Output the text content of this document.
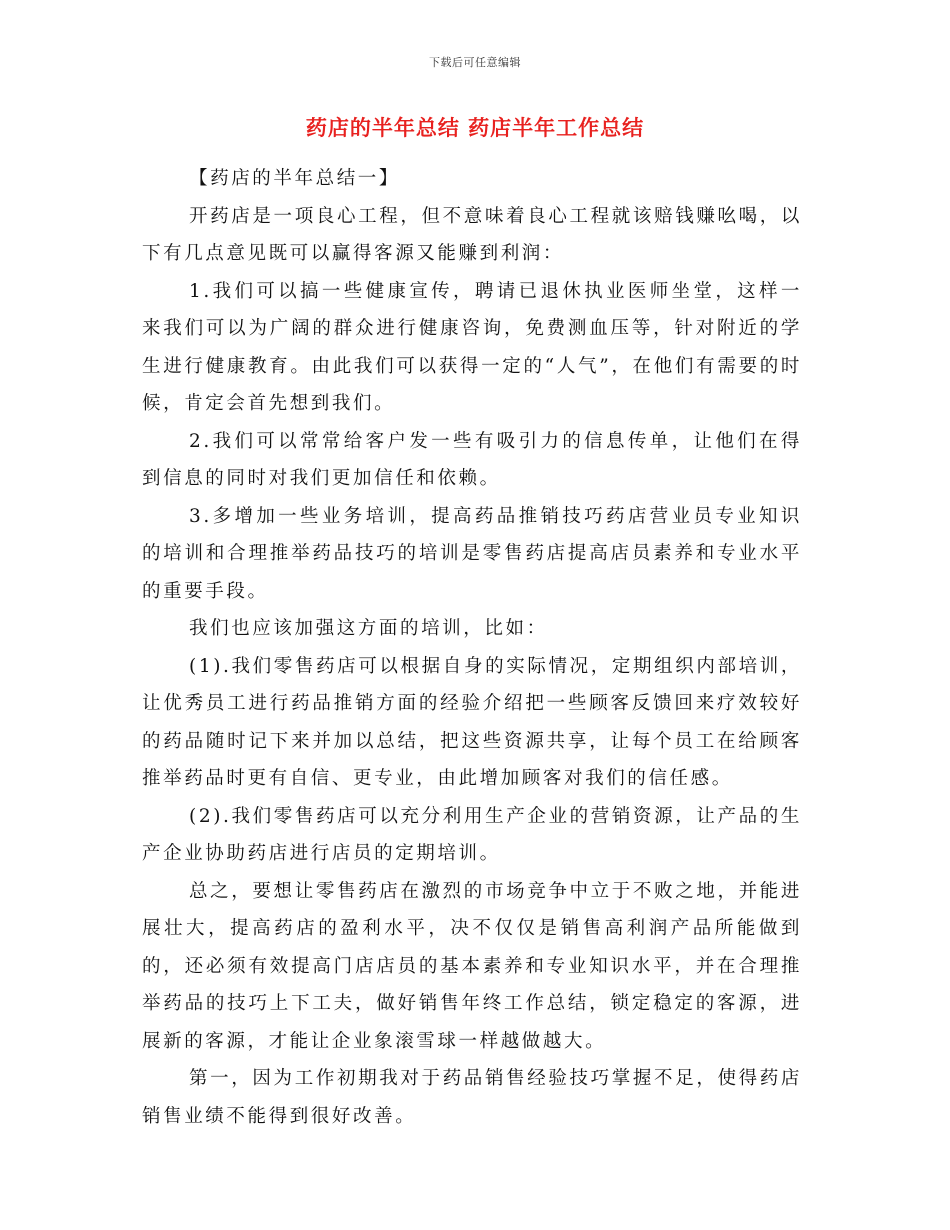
下载后可任意编辑
药店的半年总结 药店半年工作总结

【药店的半年总结一】

开药店是一项良心工程，但不意味着良心工程就该赔钱赚吆喝，以下有几点意见既可以赢得客源又能赚到利润：

1.我们可以搞一些健康宣传，聘请已退休执业医师坐堂，这样一来我们可以为广阔的群众进行健康咨询，免费测血压等，针对附近的学生进行健康教育。由此我们可以获得一定的“人气”，在他们有需要的时候，肯定会首先想到我们。

2.我们可以常常给客户发一些有吸引力的信息传单，让他们在得到信息的同时对我们更加信任和依赖。

3.多增加一些业务培训，提高药品推销技巧药店营业员专业知识的培训和合理推举药品技巧的培训是零售药店提高店员素养和专业水平的重要手段。

我们也应该加强这方面的培训，比如：

(1).我们零售药店可以根据自身的实际情况，定期组织内部培训，让优秀员工进行药品推销方面的经验介绍把一些顾客反馈回来疗效较好的药品随时记下来并加以总结，把这些资源共享，让每个员工在给顾客推举药品时更有自信、更专业，由此增加顾客对我们的信任感。

(2).我们零售药店可以充分利用生产企业的营销资源，让产品的生产企业协助药店进行店员的定期培训。

总之，要想让零售药店在激烈的市场竞争中立于不败之地，并能进展壮大，提高药店的盈利水平，决不仅仅是销售高利润产品所能做到的，还必须有效提高门店店员的基本素养和专业知识水平，并在合理推举药品的技巧上下工夫，做好销售年终工作总结，锁定稳定的客源，进展新的客源，才能让企业象滚雪球一样越做越大。

第一，因为工作初期我对于药品销售经验技巧掌握不足，使得药店销售业绩不能得到很好改善。
